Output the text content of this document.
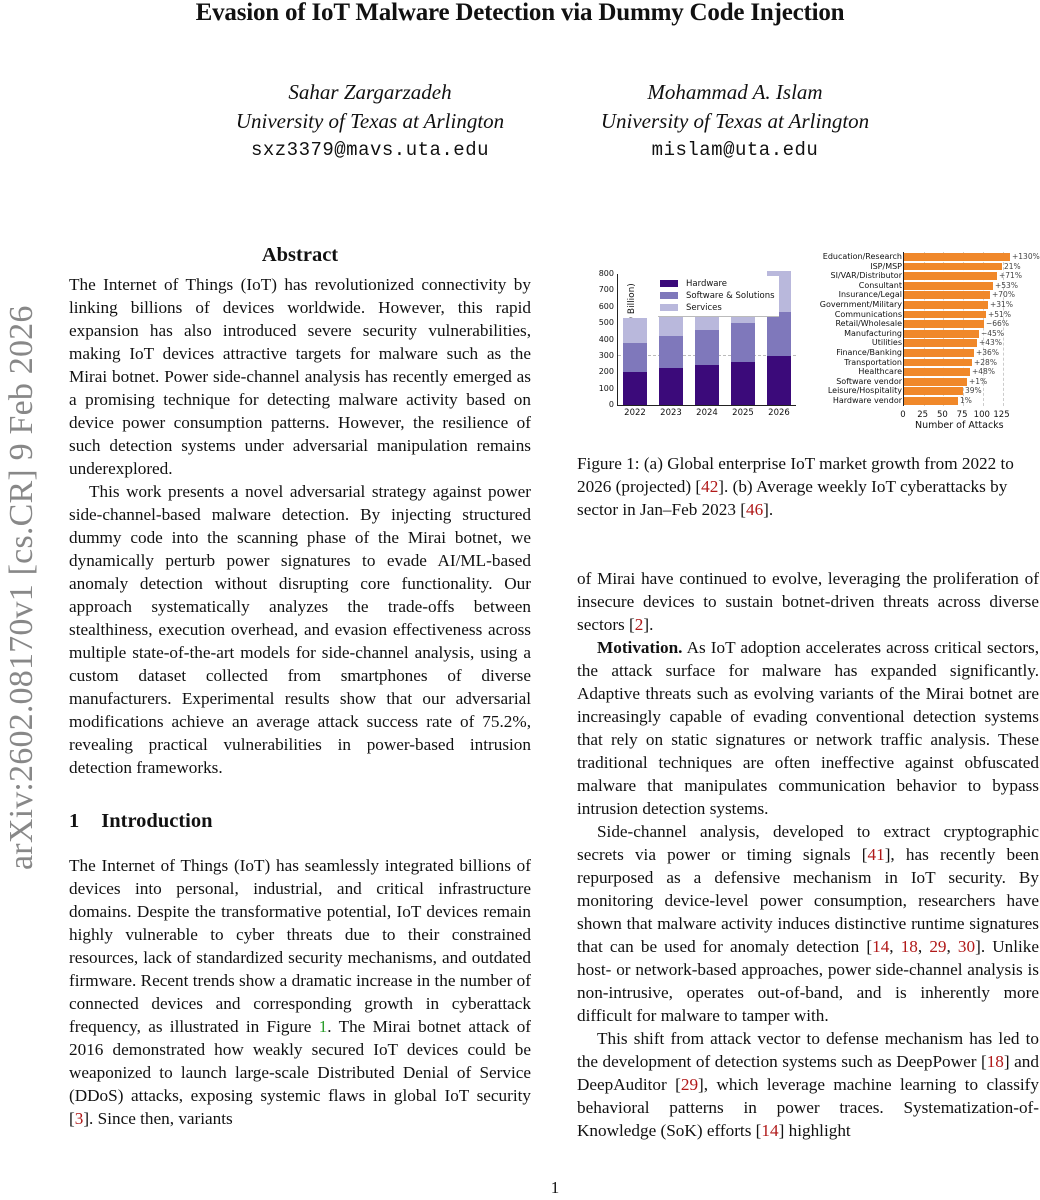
Evasion of IoT Malware Detection via Dummy Code Injection
Sahar Zargarzadeh
University of Texas at Arlington
sxz3379@mavs.uta.edu
Mohammad A. Islam
University of Texas at Arlington
mislam@uta.edu
arXiv:2602.08170v1 [cs.CR] 9 Feb 2026

Abstract

The Internet of Things (IoT) has revolutionized connectivity by linking billions of devices worldwide. However, this rapid expansion has also introduced severe security vulnerabilities, making IoT devices attractive targets for malware such as the Mirai botnet. Power side-channel analysis has recently emerged as a promising technique for detecting malware activity based on device power consumption patterns. However, the resilience of such detection systems under adversarial manipulation remains underexplored.

This work presents a novel adversarial strategy against power side-channel-based malware detection. By injecting structured dummy code into the scanning phase of the Mirai botnet, we dynamically perturb power signatures to evade AI/ML-based anomaly detection without disrupting core functionality. Our approach systematically analyzes the trade-offs between stealthiness, execution overhead, and evasion effectiveness across multiple state-of-the-art models for side-channel analysis, using a custom dataset collected from smartphones of diverse manufacturers. Experimental results show that our adversarial modifications achieve an average attack success rate of 75.2%, revealing practical vulnerabilities in power-based intrusion detection frameworks.

1 Introduction

The Internet of Things (IoT) has seamlessly integrated billions of devices into personal, industrial, and critical infrastructure domains. Despite the transformative potential, IoT devices remain highly vulnerable to cyber threats due to their constrained resources, lack of standardized security mechanisms, and outdated firmware. Recent trends show a dramatic increase in the number of connected devices and corresponding growth in cyberattack frequency, as illustrated in Figure 1. The Mirai botnet attack of 2016 demonstrated how weakly secured IoT devices could be weaponized to launch large-scale Distributed Denial of Service (DDoS) attacks, exposing systemic flaws in global IoT security [3]. Since then, variants

0
100
200
300
400
500
600
700
800
2022	2023	2024	2025	2026
Hardware
Software & Solutions
Services
Education/Research	+130%
ISP/MSP	21%
SI/VAR/Distributor	+71%
Consultant	+53%
Insurance/Legal	+70%
Government/Military	+31%
Communications	+51%
Retail/Wholesale	−66%
Manufacturing	−45%
Utilities	+43%
Finance/Banking	+36%
Transportation	+28%
Healthcare	+48%
Software vendor	+1%
Leisure/Hospitality	39%
Hardware vendor	1%
0	25	50	75 100 125
Number of Attacks
Figure 1: (a) Global enterprise IoT market growth from 2022 to 2026 (projected) [42]. (b) Average weekly IoT cyberattacks by sector in Jan–Feb 2023 [46].

of Mirai have continued to evolve, leveraging the proliferation of insecure devices to sustain botnet-driven threats across diverse sectors [2].

Motivation. As IoT adoption accelerates across critical sectors, the attack surface for malware has expanded significantly. Adaptive threats such as evolving variants of the Mirai botnet are increasingly capable of evading conventional detection systems that rely on static signatures or network traffic analysis. These traditional techniques are often ineffective against obfuscated malware that manipulates communication behavior to bypass intrusion detection systems.

Side-channel analysis, developed to extract cryptographic secrets via power or timing signals [41], has recently been repurposed as a defensive mechanism in IoT security. By monitoring device-level power consumption, researchers have shown that malware activity induces distinctive runtime signatures that can be used for anomaly detection [14, 18, 29, 30]. Unlike host- or network-based approaches, power side-channel analysis is non-intrusive, operates out-of-band, and is inherently more difficult for malware to tamper with.

This shift from attack vector to defense mechanism has led to the development of detection systems such as DeepPower [18] and DeepAuditor [29], which leverage machine learning to classify behavioral patterns in power traces. Systematization-of-Knowledge (SoK) efforts [14] highlight

1
